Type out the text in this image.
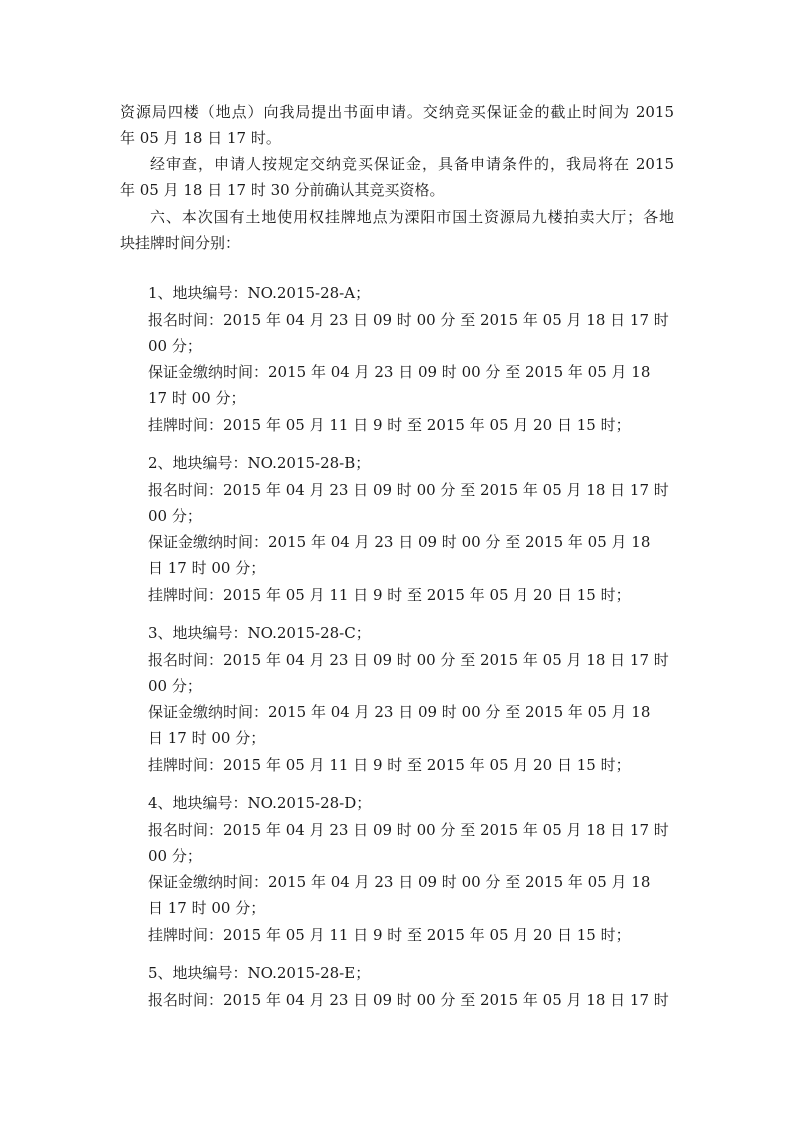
资源局四楼（地点）向我局提出书面申请。交纳竞买保证金的截止时间为 2015
年 05 月 18 日 17 时。
经审查，申请人按规定交纳竞买保证金，具备申请条件的，我局将在 2015
年 05 月 18 日 17 时 30 分前确认其竞买资格。
六、本次国有土地使用权挂牌地点为溧阳市国土资源局九楼拍卖大厅；各地
块挂牌时间分别：
1、地块编号：NO.2015-28-A；
报名时间：2015 年 04 月 23 日 09 时 00 分 至 2015 年 05 月 18 日 17 时
00 分；
保证金缴纳时间：2015 年 04 月 23 日 09 时 00 分 至 2015 年 05 月 18
17 时 00 分；
挂牌时间：2015 年 05 月 11 日 9 时 至 2015 年 05 月 20 日 15 时；
2、地块编号：NO.2015-28-B；
报名时间：2015 年 04 月 23 日 09 时 00 分 至 2015 年 05 月 18 日 17 时
00 分；
保证金缴纳时间：2015 年 04 月 23 日 09 时 00 分 至 2015 年 05 月 18
日 17 时 00 分；
挂牌时间：2015 年 05 月 11 日 9 时 至 2015 年 05 月 20 日 15 时；
3、地块编号：NO.2015-28-C；
报名时间：2015 年 04 月 23 日 09 时 00 分 至 2015 年 05 月 18 日 17 时
00 分；
保证金缴纳时间：2015 年 04 月 23 日 09 时 00 分 至 2015 年 05 月 18
日 17 时 00 分；
挂牌时间：2015 年 05 月 11 日 9 时 至 2015 年 05 月 20 日 15 时；
4、地块编号：NO.2015-28-D；
报名时间：2015 年 04 月 23 日 09 时 00 分 至 2015 年 05 月 18 日 17 时
00 分；
保证金缴纳时间：2015 年 04 月 23 日 09 时 00 分 至 2015 年 05 月 18
日 17 时 00 分；
挂牌时间：2015 年 05 月 11 日 9 时 至 2015 年 05 月 20 日 15 时；
5、地块编号：NO.2015-28-E；
报名时间：2015 年 04 月 23 日 09 时 00 分 至 2015 年 05 月 18 日 17 时
